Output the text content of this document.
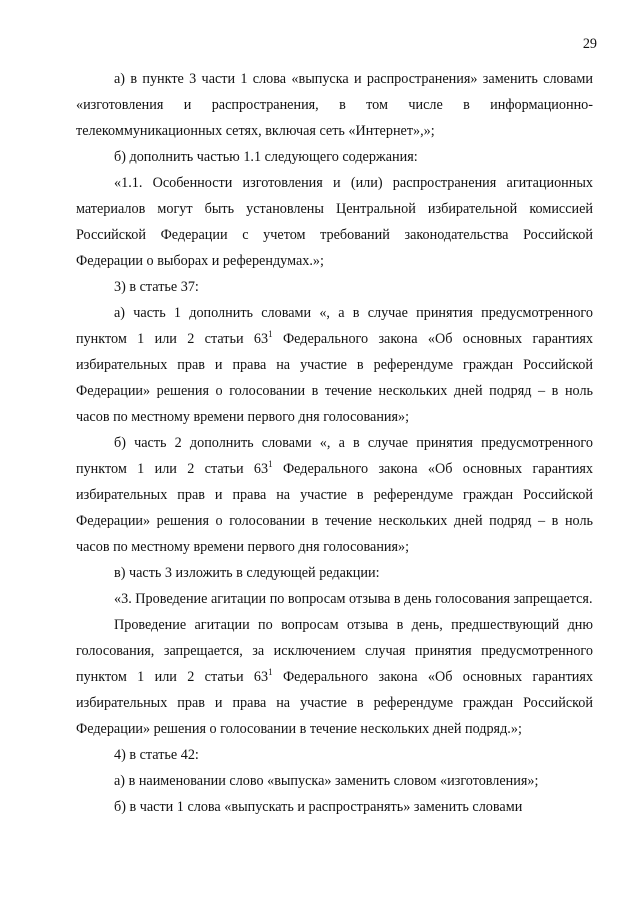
29

а) в пункте 3 части 1 слова «выпуска и распространения» заменить словами «изготовления и распространения, в том числе в информационно-телекоммуникационных сетях, включая сеть «Интернет»,»;

б) дополнить частью 1.1 следующего содержания:

«1.1. Особенности изготовления и (или) распространения агитационных материалов могут быть установлены Центральной избирательной комиссией Российской Федерации с учетом требований законодательства Российской Федерации о выборах и референдумах.»;

3) в статье 37:

а) часть 1 дополнить словами «, а в случае принятия предусмотренного пунктом 1 или 2 статьи $63^1$ Федерального закона «Об основных гарантиях избирательных прав и права на участие в референдуме граждан Российской Федерации» решения о голосовании в течение нескольких дней подряд – в ноль часов по местному времени первого дня голосования»;

б) часть 2 дополнить словами «, а в случае принятия предусмотренного пунктом 1 или 2 статьи $63^1$ Федерального закона «Об основных гарантиях избирательных прав и права на участие в референдуме граждан Российской Федерации» решения о голосовании в течение нескольких дней подряд – в ноль часов по местному времени первого дня голосования»;

в) часть 3 изложить в следующей редакции:

«3. Проведение агитации по вопросам отзыва в день голосования запрещается.

Проведение агитации по вопросам отзыва в день, предшествующий дню голосования, запрещается, за исключением случая принятия предусмотренного пунктом 1 или 2 статьи $63^1$ Федерального закона «Об основных гарантиях избирательных прав и права на участие в референдуме граждан Российской Федерации» решения о голосовании в течение нескольких дней подряд.»;

4) в статье 42:

а) в наименовании слово «выпуска» заменить словом «изготовления»;

б) в части 1 слова «выпускать и распространять» заменить словами
